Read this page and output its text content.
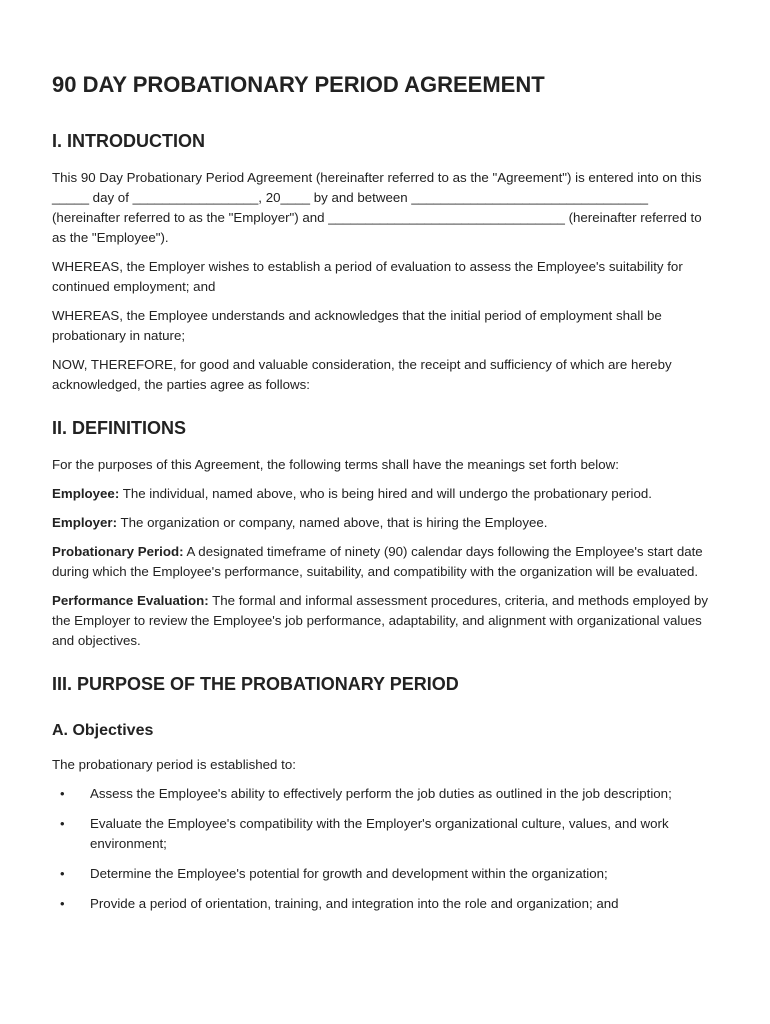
90 DAY PROBATIONARY PERIOD AGREEMENT
I. INTRODUCTION

This 90 Day Probationary Period Agreement (hereinafter referred to as the "Agreement") is entered into on this _____ day of _________________, 20____ by and between ________________________________ (hereinafter referred to as the "Employer") and ________________________________ (hereinafter referred to as the "Employee").

WHEREAS, the Employer wishes to establish a period of evaluation to assess the Employee's suitability for continued employment; and

WHEREAS, the Employee understands and acknowledges that the initial period of employment shall be probationary in nature;

NOW, THEREFORE, for good and valuable consideration, the receipt and sufficiency of which are hereby acknowledged, the parties agree as follows:

II. DEFINITIONS

For the purposes of this Agreement, the following terms shall have the meanings set forth below:

Employee: The individual, named above, who is being hired and will undergo the probationary period.

Employer: The organization or company, named above, that is hiring the Employee.

Probationary Period: A designated timeframe of ninety (90) calendar days following the Employee's start date during which the Employee's performance, suitability, and compatibility with the organization will be evaluated.

Performance Evaluation: The formal and informal assessment procedures, criteria, and methods employed by the Employer to review the Employee's job performance, adaptability, and alignment with organizational values and objectives.

III. PURPOSE OF THE PROBATIONARY PERIOD
A. Objectives

The probationary period is established to:

• Assess the Employee's ability to effectively perform the job duties as outlined in the job description;
• Evaluate the Employee's compatibility with the Employer's organizational culture, values, and work environment;
• Determine the Employee's potential for growth and development within the organization;
• Provide a period of orientation, training, and integration into the role and organization; and
